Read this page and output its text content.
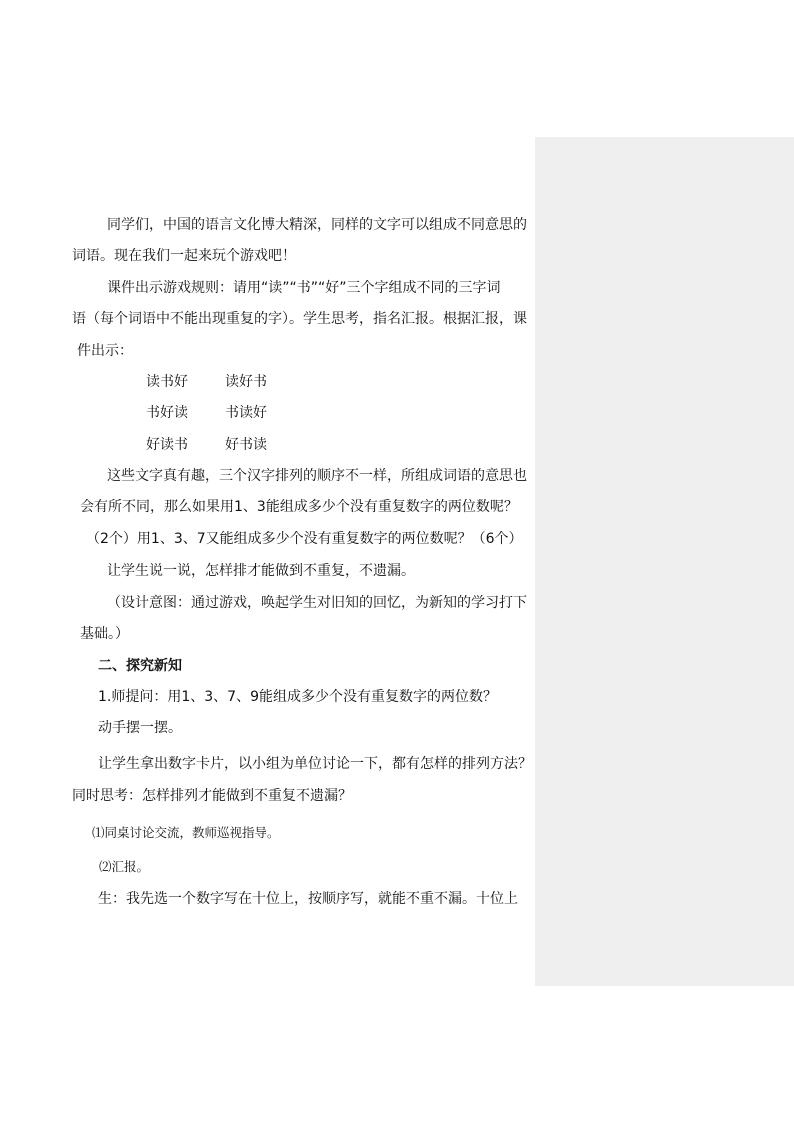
同学们，中国的语言文化博大精深，同样的文字可以组成不同意思的
词语。现在我们一起来玩个游戏吧！
课件出示游戏规则：请用“读”“书”“好”三个字组成不同的三字词
语（每个词语中不能出现重复的字）。学生思考，指名汇报。根据汇报，课
件出示：
读书好	读好书
书好读	书读好
好读书	好书读
这些文字真有趣，三个汉字排列的顺序不一样，所组成词语的意思也
会有所不同，那么如果用1、3能组成多少个没有重复数字的两位数呢？
（2个）用1、3、7又能组成多少个没有重复数字的两位数呢？（6个）
让学生说一说，怎样排才能做到不重复，不遗漏。
（设计意图：通过游戏，唤起学生对旧知的回忆，为新知的学习打下
基础。）
二、探究新知
1.师提问：用1、3、7、9能组成多少个没有重复数字的两位数？
动手摆一摆。
让学生拿出数字卡片，以小组为单位讨论一下，都有怎样的排列方法？
同时思考：怎样排列才能做到不重复不遗漏？
⑴同桌讨论交流，教师巡视指导。
⑵汇报。
生：我先选一个数字写在十位上，按顺序写，就能不重不漏。十位上
